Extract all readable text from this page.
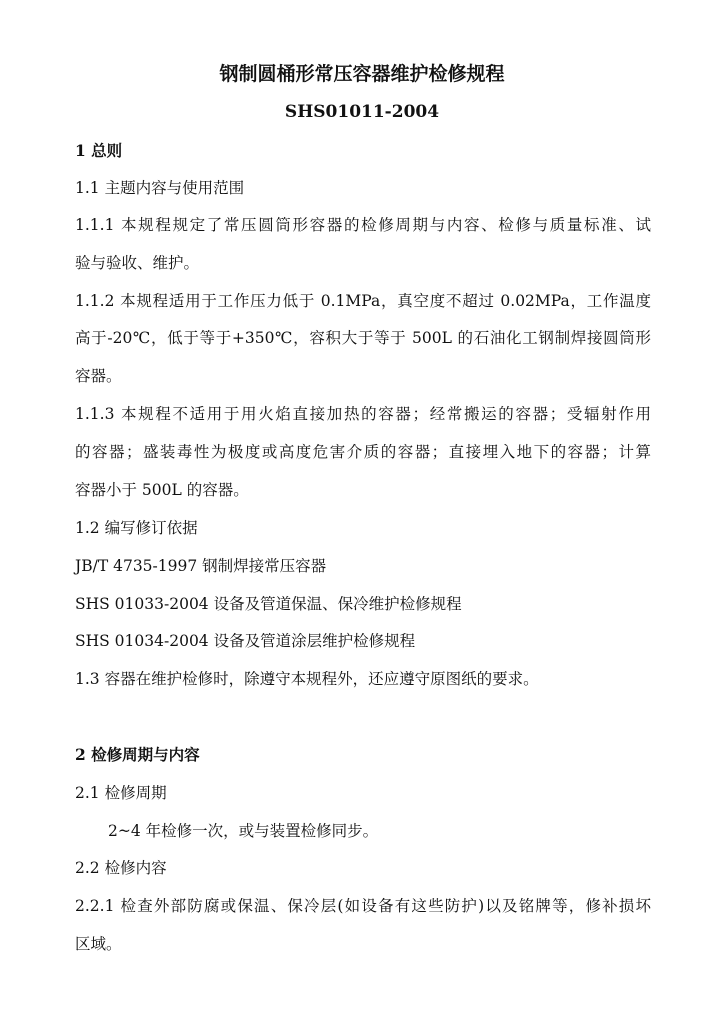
钢制圆桶形常压容器维护检修规程
SHS01011-2004

1 总则

1.1 主题内容与使用范围

1.1.1 本规程规定了常压圆筒形容器的检修周期与内容、检修与质量标准、试

验与验收、维护。

1.1.2 本规程适用于工作压力低于 0.1MPa，真空度不超过 0.02MPa，工作温度

高于-20℃，低于等于+350℃，容积大于等于 500L 的石油化工钢制焊接圆筒形

容器。

1.1.3 本规程不适用于用火焰直接加热的容器；经常搬运的容器；受辐射作用

的容器；盛装毒性为极度或高度危害介质的容器；直接埋入地下的容器；计算

容器小于 500L 的容器。

1.2 编写修订依据

JB/T 4735-1997 钢制焊接常压容器

SHS 01033-2004 设备及管道保温、保冷维护检修规程

SHS 01034-2004 设备及管道涂层维护检修规程

1.3 容器在维护检修时，除遵守本规程外，还应遵守原图纸的要求。

2 检修周期与内容

2.1 检修周期

2~4 年检修一次，或与装置检修同步。

2.2 检修内容

2.2.1 检查外部防腐或保温、保冷层(如设备有这些防护)以及铭牌等，修补损坏

区域。
